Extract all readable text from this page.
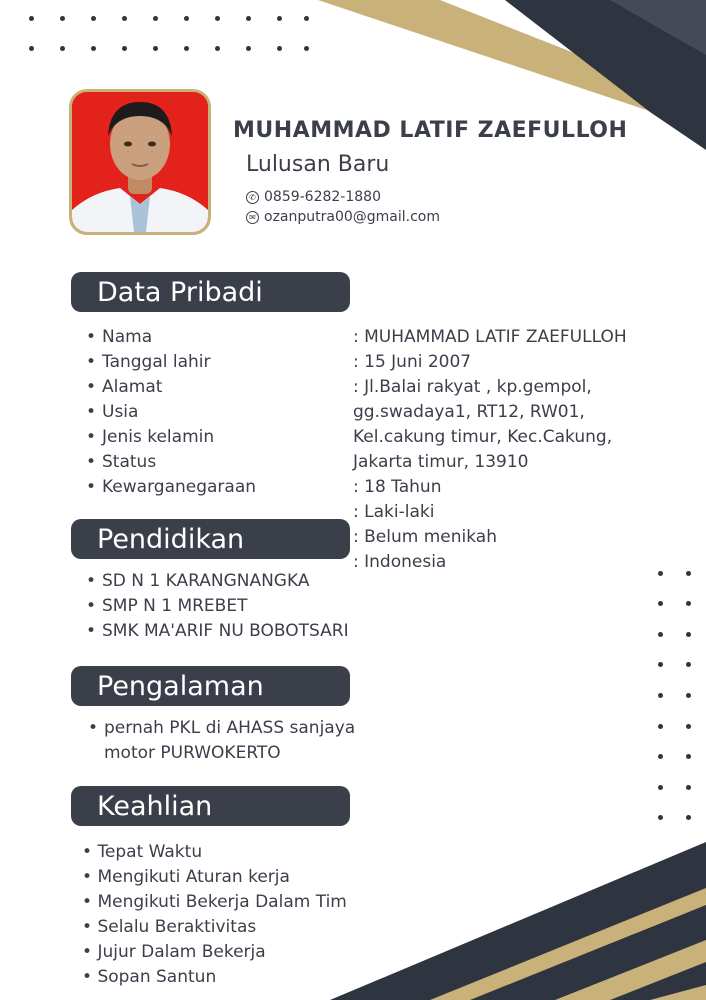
MUHAMMAD LATIF ZAEFULLOH
Lulusan Baru
✆ 0859-6282-1880
✉ ozanputra00@gmail.com
Data Pribadi
• Nama
• Tanggal lahir
• Alamat
• Usia
• Jenis kelamin
• Status
• Kewarganegaraan
: MUHAMMAD LATIF ZAEFULLOH
: 15 Juni 2007
: Jl.Balai rakyat , kp.gempol,
gg.swadaya1, RT12, RW01,
Kel.cakung timur, Kec.Cakung,
Jakarta timur, 13910
: 18 Tahun
: Laki-laki
: Belum menikah
: Indonesia
Pendidikan
• SD N 1 KARANGNANGKA
• SMP N 1 MREBET
• SMK MA'ARIF NU BOBOTSARI
Pengalaman
• pernah PKL di AHASS sanjaya
motor PURWOKERTO
Keahlian
• Tepat Waktu
• Mengikuti Aturan kerja
• Mengikuti Bekerja Dalam Tim
• Selalu Beraktivitas
• Jujur Dalam Bekerja
• Sopan Santun
